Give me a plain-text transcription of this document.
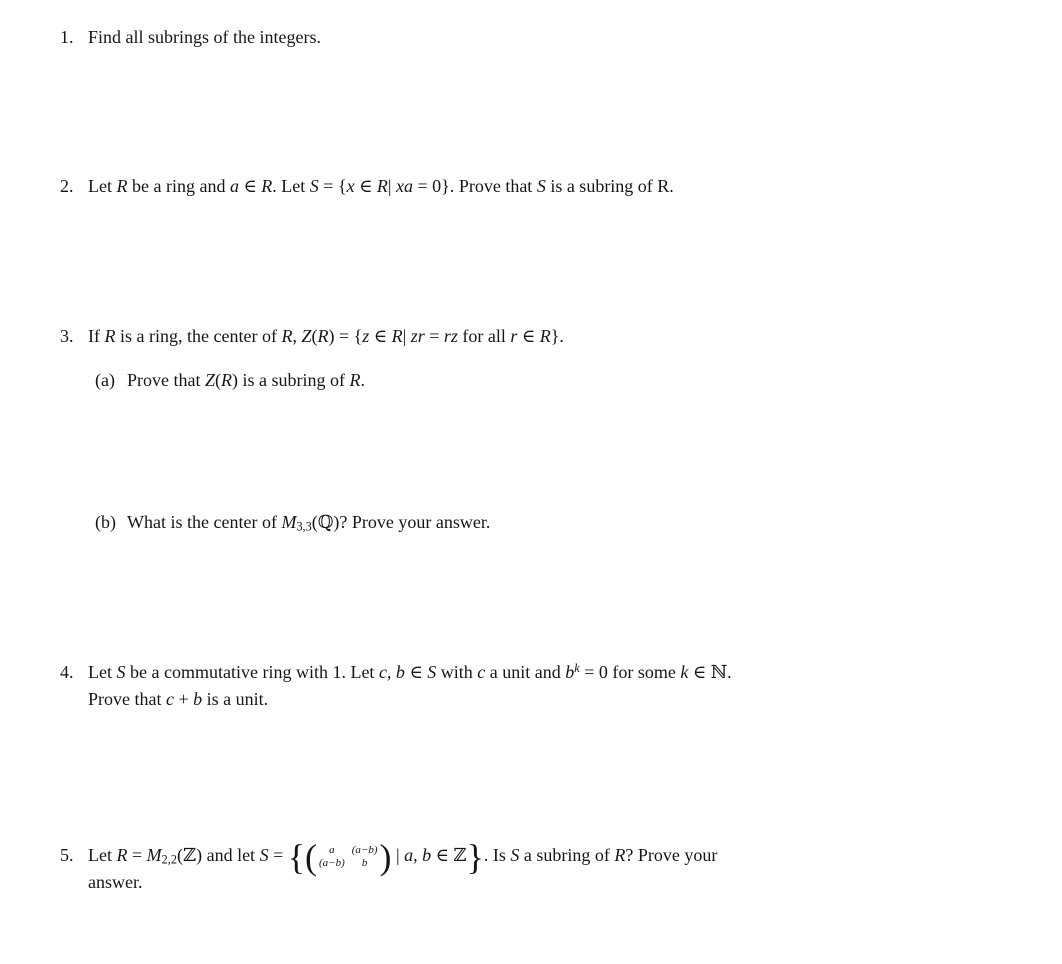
1. Find all subrings of the integers.
2. Let R be a ring and a ∈ R. Let S = {x ∈ R| xa = 0}. Prove that S is a subring of R.
3. If R is a ring, the center of R, Z(R) = {z ∈ R| zr = rz for all r ∈ R}.
(a) Prove that Z(R) is a subring of R.
(b) What is the center of $M_{3,3}(ℚ)$? Prove your answer.
4. Let S be a commutative ring with 1. Let c, b ∈ S with c a unit and $b^k = 0$ for some k ∈ ℕ.
Prove that c + b is a unit.
5. Let $R = M_{2,2}(ℤ)$ and let S = {(	a	(a−b)
(a−b)	b ) | a, b ∈ ℤ}. Is S a subring of R? Prove your
answer.
